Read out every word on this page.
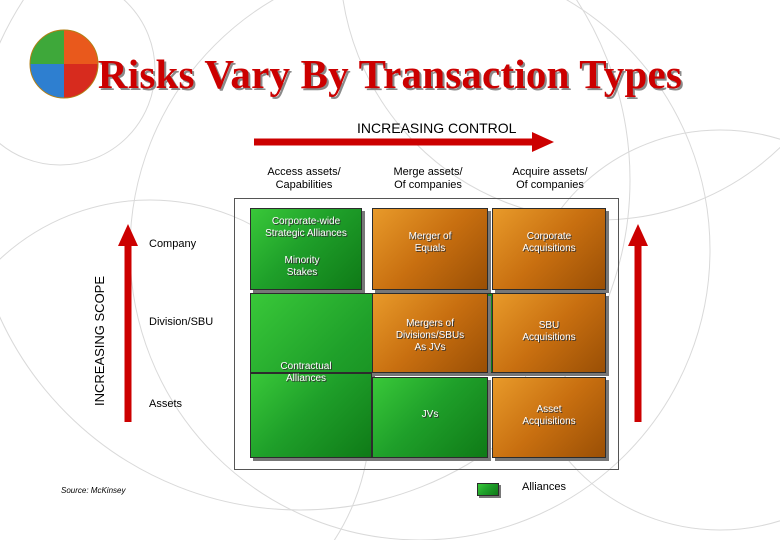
Risks Vary By Transaction Types
INCREASING CONTROL
INCREASING SCOPE
Access assets/
Capabilities
Merge assets/
Of companies
Acquire assets/
Of companies
Company
Division/SBU
Assets
Corporate-wide
Strategic Alliances
Minority
Stakes
Contractual
Alliances
Merger of
Equals
Mergers of
Divisions/SBUs
As JVs
JVs
Corporate
Acquisitions
SBU
Acquisitions
Asset
Acquisitions
Alliances
Source: McKinsey
